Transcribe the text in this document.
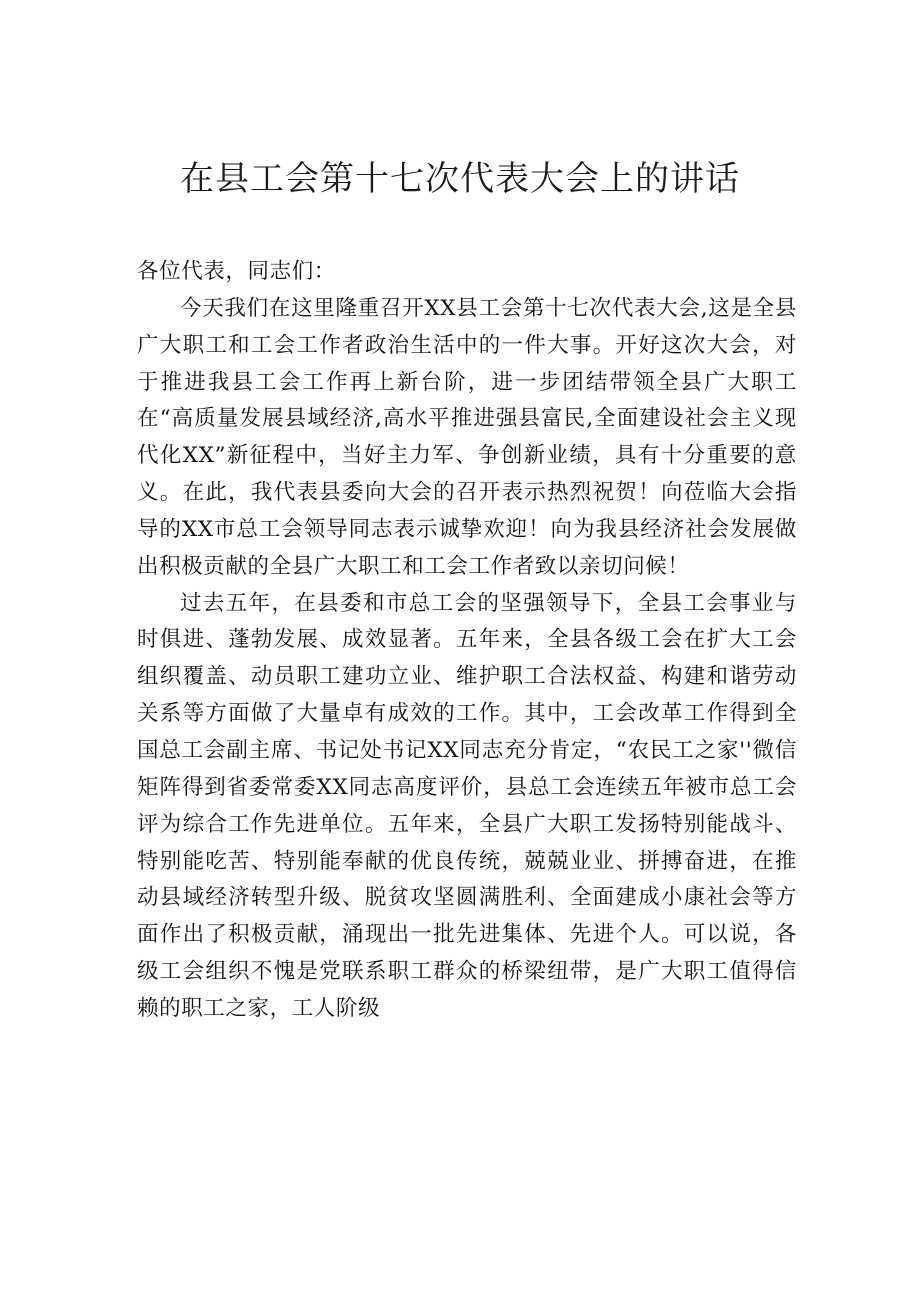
在县工会第十七次代表大会上的讲话

各位代表，同志们：

今天我们在这里隆重召开XX县工会第十七次代表大会,这是全县广大职工和工会工作者政治生活中的一件大事。开好这次大会，对于推进我县工会工作再上新台阶，进一步团结带领全县广大职工在“高质量发展县域经济,高水平推进强县富民,全面建设社会主义现代化XX”新征程中，当好主力军、争创新业绩，具有十分重要的意义。在此，我代表县委向大会的召开表示热烈祝贺！向莅临大会指导的XX市总工会领导同志表示诚挚欢迎！向为我县经济社会发展做出积极贡献的全县广大职工和工会工作者致以亲切问候！

过去五年，在县委和市总工会的坚强领导下，全县工会事业与时俱进、蓬勃发展、成效显著。五年来，全县各级工会在扩大工会组织覆盖、动员职工建功立业、维护职工合法权益、构建和谐劳动关系等方面做了大量卓有成效的工作。其中，工会改革工作得到全国总工会副主席、书记处书记XX同志充分肯定，“农民工之家''微信矩阵得到省委常委XX同志高度评价，县总工会连续五年被市总工会评为综合工作先进单位。五年来，全县广大职工发扬特别能战斗、特别能吃苦、特别能奉献的优良传统，兢兢业业、拼搏奋进，在推动县域经济转型升级、脱贫攻坚圆满胜利、全面建成小康社会等方面作出了积极贡献，涌现出一批先进集体、先进个人。可以说，各级工会组织不愧是党联系职工群众的桥梁纽带，是广大职工值得信赖的职工之家，工人阶级
